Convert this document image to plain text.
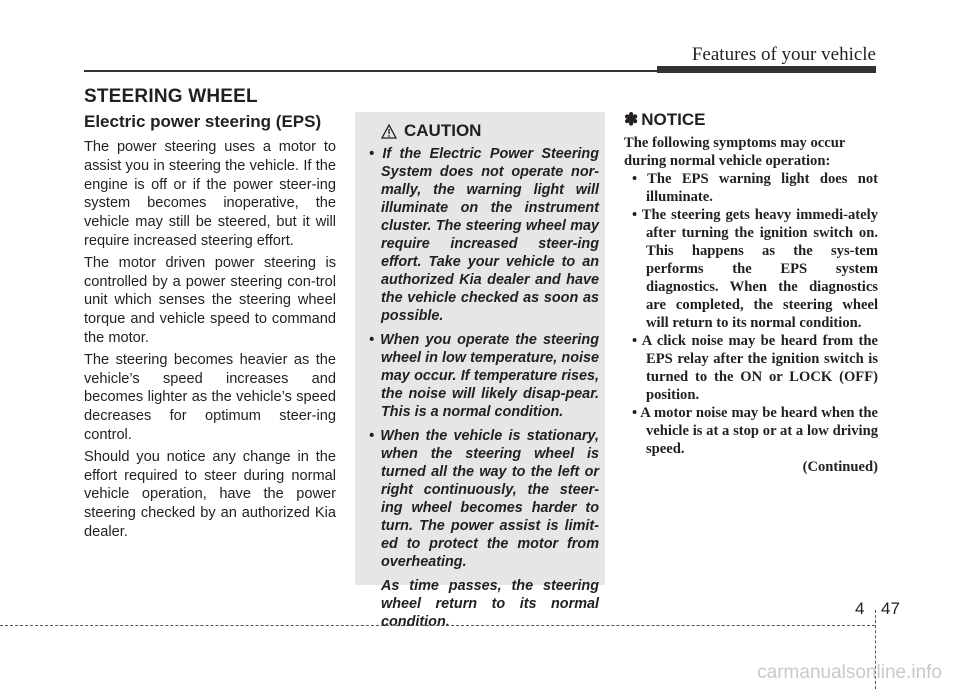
Features of your vehicle
STEERING WHEEL
Electric power steering (EPS)

The power steering uses a motor to assist you in steering the vehicle. If the engine is off or if the power steer-ing system becomes inoperative, the vehicle may still be steered, but it will require increased steering effort.

The motor driven power steering is controlled by a power steering con-trol unit which senses the steering wheel torque and vehicle speed to command the motor.

The steering becomes heavier as the vehicle’s speed increases and becomes lighter as the vehicle’s speed decreases for optimum steer-ing control.

Should you notice any change in the effort required to steer during normal vehicle operation, have the power steering checked by an authorized Kia dealer.

CAUTION

• If the Electric Power Steering System does not operate nor-mally, the warning light will illuminate on the instrument cluster. The steering wheel may require increased steer-ing effort. Take your vehicle to an authorized Kia dealer and have the vehicle checked as soon as possible.

• When you operate the steering wheel in low temperature, noise may occur. If temperature rises, the noise will likely disap-pear. This is a normal condition.

• When the vehicle is stationary, when the steering wheel is turned all the way to the left or right continuously, the steer-ing wheel becomes harder to turn. The power assist is limit-ed to protect the motor from overheating.

As time passes, the steering wheel return to its normal condition.

✽ NOTICE

The following symptoms may occur during normal vehicle operation:

• The EPS warning light does not illuminate.

• The steering gets heavy immedi-ately after turning the ignition switch on. This happens as the sys-tem performs the EPS system diagnostics. When the diagnostics are completed, the steering wheel will return to its normal condition.

• A click noise may be heard from the EPS relay after the ignition switch is turned to the ON or LOCK (OFF) position.

• A motor noise may be heard when the vehicle is at a stop or at a low driving speed.

(Continued)

4 47
carmanualsonline.info
